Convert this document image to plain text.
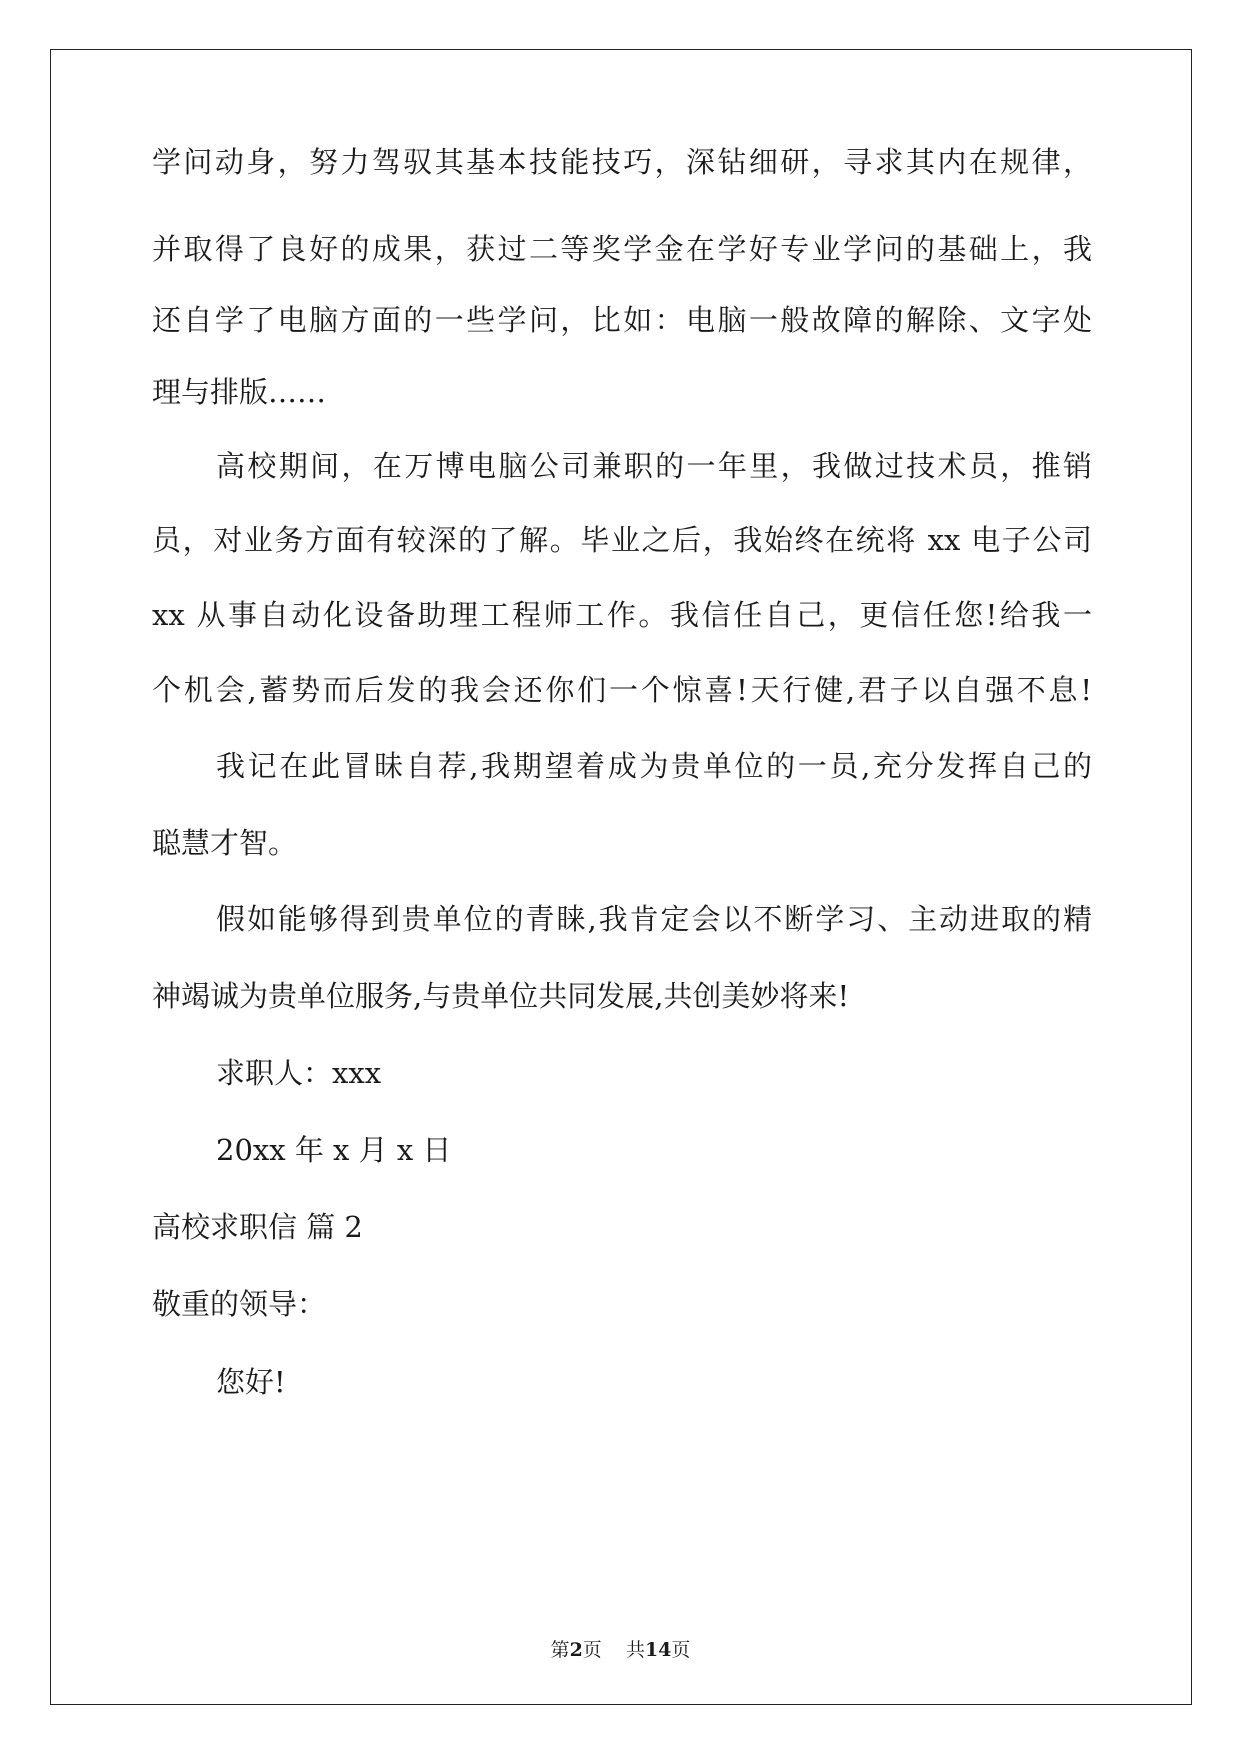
学问动身，努力驾驭其基本技能技巧，深钻细研，寻求其内在规律，
并取得了良好的成果，获过二等奖学金在学好专业学问的基础上，我
还自学了电脑方面的一些学问，比如：电脑一般故障的解除、文字处
理与排版……
高校期间，在万博电脑公司兼职的一年里，我做过技术员，推销
员，对业务方面有较深的了解。毕业之后，我始终在统将 xx 电子公司
xx 从事自动化设备助理工程师工作。我信任自己，更信任您!给我一
个机会,蓄势而后发的我会还你们一个惊喜!天行健,君子以自强不息!
我记在此冒昧自荐,我期望着成为贵单位的一员,充分发挥自己的
聪慧才智。
假如能够得到贵单位的青睐,我肯定会以不断学习、主动进取的精
神竭诚为贵单位服务,与贵单位共同发展,共创美妙将来!
求职人：xxx
20xx 年 x 月 x 日
高校求职信 篇 2
敬重的领导：
您好!
第2页    共14页
